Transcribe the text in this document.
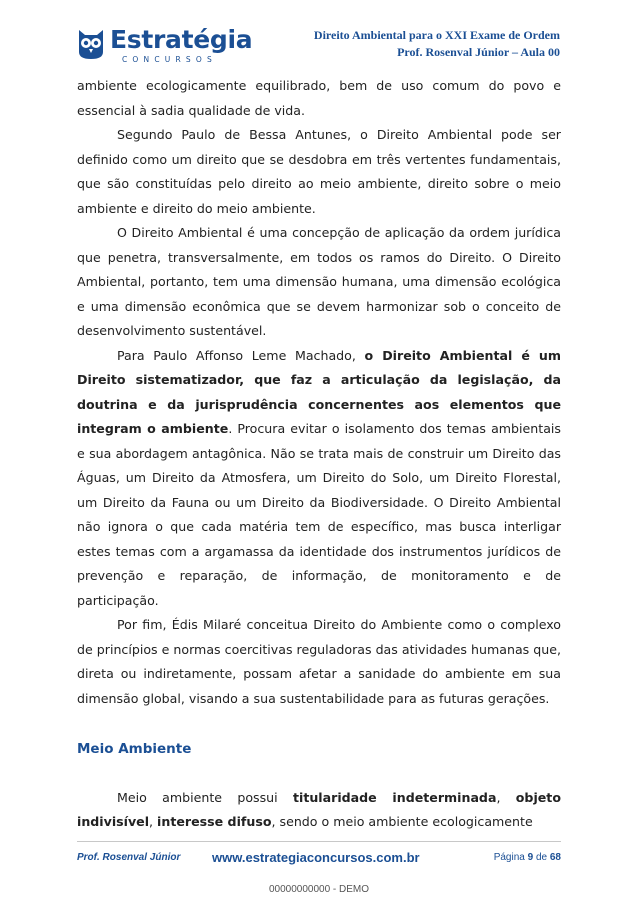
Estratégia
CONCURSOS
Direito Ambiental para o XXI Exame de Ordem
Prof. Rosenval Júnior – Aula 00

ambiente ecologicamente equilibrado, bem de uso comum do povo e essencial à sadia qualidade de vida.

Segundo Paulo de Bessa Antunes, o Direito Ambiental pode ser definido como um direito que se desdobra em três vertentes fundamentais, que são constituídas pelo direito ao meio ambiente, direito sobre o meio ambiente e direito do meio ambiente.

O Direito Ambiental é uma concepção de aplicação da ordem jurídica que penetra, transversalmente, em todos os ramos do Direito. O Direito Ambiental, portanto, tem uma dimensão humana, uma dimensão ecológica e uma dimensão econômica que se devem harmonizar sob o conceito de desenvolvimento sustentável.

Para Paulo Affonso Leme Machado, o Direito Ambiental é um Direito sistematizador, que faz a articulação da legislação, da doutrina e da jurisprudência concernentes aos elementos que integram o ambiente. Procura evitar o isolamento dos temas ambientais e sua abordagem antagônica. Não se trata mais de construir um Direito das Águas, um Direito da Atmosfera, um Direito do Solo, um Direito Florestal, um Direito da Fauna ou um Direito da Biodiversidade. O Direito Ambiental não ignora o que cada matéria tem de específico, mas busca interligar estes temas com a argamassa da identidade dos instrumentos jurídicos de prevenção e reparação, de informação, de monitoramento e de participação.

Por fim, Édis Milaré conceitua Direito do Ambiente como o complexo de princípios e normas coercitivas reguladoras das atividades humanas que, direta ou indiretamente, possam afetar a sanidade do ambiente em sua dimensão global, visando a sua sustentabilidade para as futuras gerações.

Meio Ambiente

Meio ambiente possui titularidade indeterminada, objeto indivisível, interesse difuso, sendo o meio ambiente ecologicamente

Prof. Rosenval Júnior www.estrategiaconcursos.com.br	Página 9 de 68
00000000000 - DEMO
